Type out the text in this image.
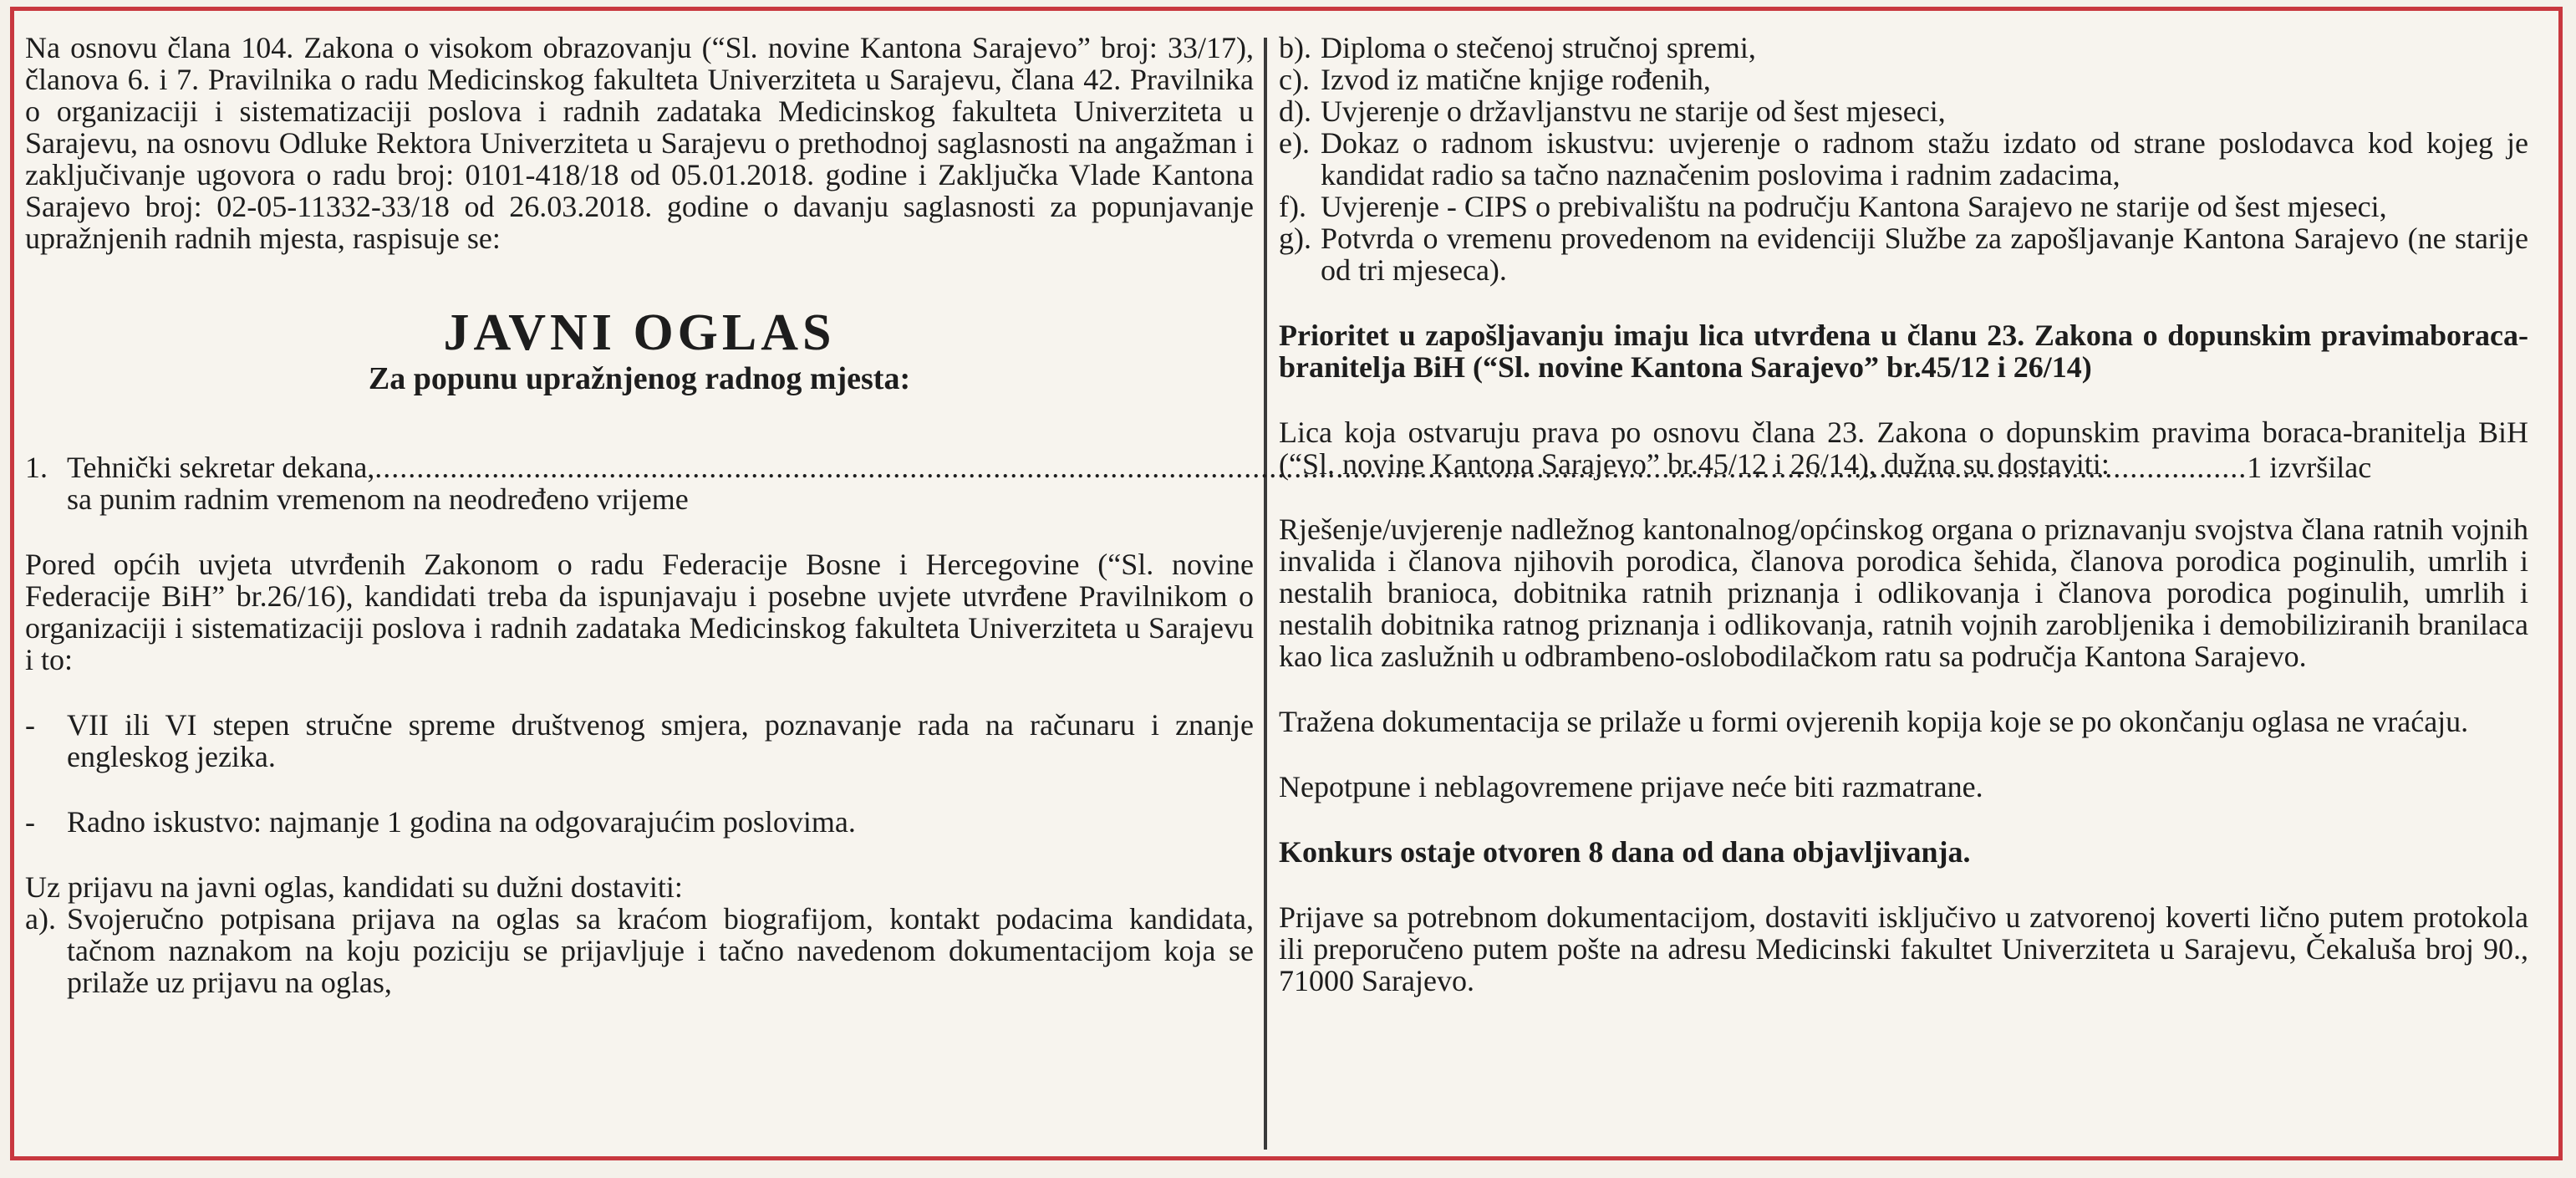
Na osnovu člana 104. Zakona o visokom obrazovanju (“Sl. novine Kantona Sarajevo” broj: 33/17), članova 6. i 7. Pravilnika o radu Medicinskog fakulteta Univerziteta u Sarajevu, člana 42. Pravilnika o organizaciji i sistematizaciji poslova i radnih zadataka Medicinskog fakulteta Univerziteta u Sarajevu, na osnovu Odluke Rektora Univerziteta u Sarajevu o prethodnoj saglasnosti na angažman i zaključivanje ugovora o radu broj: 0101-418/18 od 05.01.2018. godine i Zaključka Vlade Kantona Sarajevo broj: 02-05-11332-33/18 od 26.03.2018. godine o davanju saglasnosti za popunjavanje upražnjenih radnih mjesta, raspisuje se:

JAVNI OGLAS
Za popunu upražnjenog radnog mjesta:
1. Tehnički sekretar dekana,
.....	1 izvršilac
sa punim radnim vremenom na neodređeno vrijeme

Pored općih uvjeta utvrđenih Zakonom o radu Federacije Bosne i Hercegovine (“Sl. novine Federacije BiH” br.26/16), kandidati treba da ispunjavaju i posebne uvjete utvrđene Pravilnikom o organizaciji i sistematizaciji poslova i radnih zadataka Medicinskog fakulteta Univerziteta u Sarajevu i to:

-	VII ili VI stepen stručne spreme društvenog smjera, poznavanje rada na računaru i znanje engleskog jezika.
-	Radno iskustvo: najmanje 1 godina na odgovarajućim poslovima.

Uz prijavu na javni oglas, kandidati su dužni dostaviti:

a). Svojeručno potpisana prijava na oglas sa kraćom biografijom, kontakt podacima kandidata, tačnom naznakom na koju poziciju se prijavljuje i tačno navedenom dokumentacijom koja se prilaže uz prijavu na oglas,
b). Diploma o stečenoj stručnoj spremi,
c). Izvod iz matične knjige rođenih,
d). Uvjerenje o državljanstvu ne starije od šest mjeseci,
e). Dokaz o radnom iskustvu: uvjerenje o radnom stažu izdato od strane poslodavca kod kojeg je kandidat radio sa tačno naznačenim poslovima i radnim zadacima,
f). Uvjerenje - CIPS o prebivalištu na području Kantona Sarajevo ne starije od šest mjeseci,
g). Potvrda o vremenu provedenom na evidenciji Službe za zapošljavanje Kantona Sarajevo (ne starije od tri mjeseca).

Prioritet u zapošljavanju imaju lica utvrđena u članu 23. Zakona o dopunskim pravimaboraca-branitelja BiH (“Sl. novine Kantona Sarajevo” br.45/12 i 26/14)

Lica koja ostvaruju prava po osnovu člana 23. Zakona o dopunskim pravima boraca-branitelja BiH (“Sl. novine Kantona Sarajevo” br.45/12 i 26/14), dužna su dostaviti:

Rješenje/uvjerenje nadležnog kantonalnog/općinskog organa o priznavanju svojstva člana ratnih vojnih invalida i članova njihovih porodica, članova porodica šehida, članova porodica poginulih, umrlih i nestalih branioca, dobitnika ratnih priznanja i odlikovanja i članova porodica poginulih, umrlih i nestalih dobitnika ratnog priznanja i odlikovanja, ratnih vojnih zarobljenika i demobiliziranih branilaca kao lica zaslužnih u odbrambeno-oslobodilačkom ratu sa područja Kantona Sarajevo.

Tražena dokumentacija se prilaže u formi ovjerenih kopija koje se po okončanju oglasa ne vraćaju.

Nepotpune i neblagovremene prijave neće biti razmatrane.

Konkurs ostaje otvoren 8 dana od dana objavljivanja.

Prijave sa potrebnom dokumentacijom, dostaviti isključivo u zatvorenoj koverti lično putem protokola ili preporučeno putem pošte na adresu Medicinski fakultet Univerziteta u Sarajevu, Čekaluša broj 90., 71000 Sarajevo.
